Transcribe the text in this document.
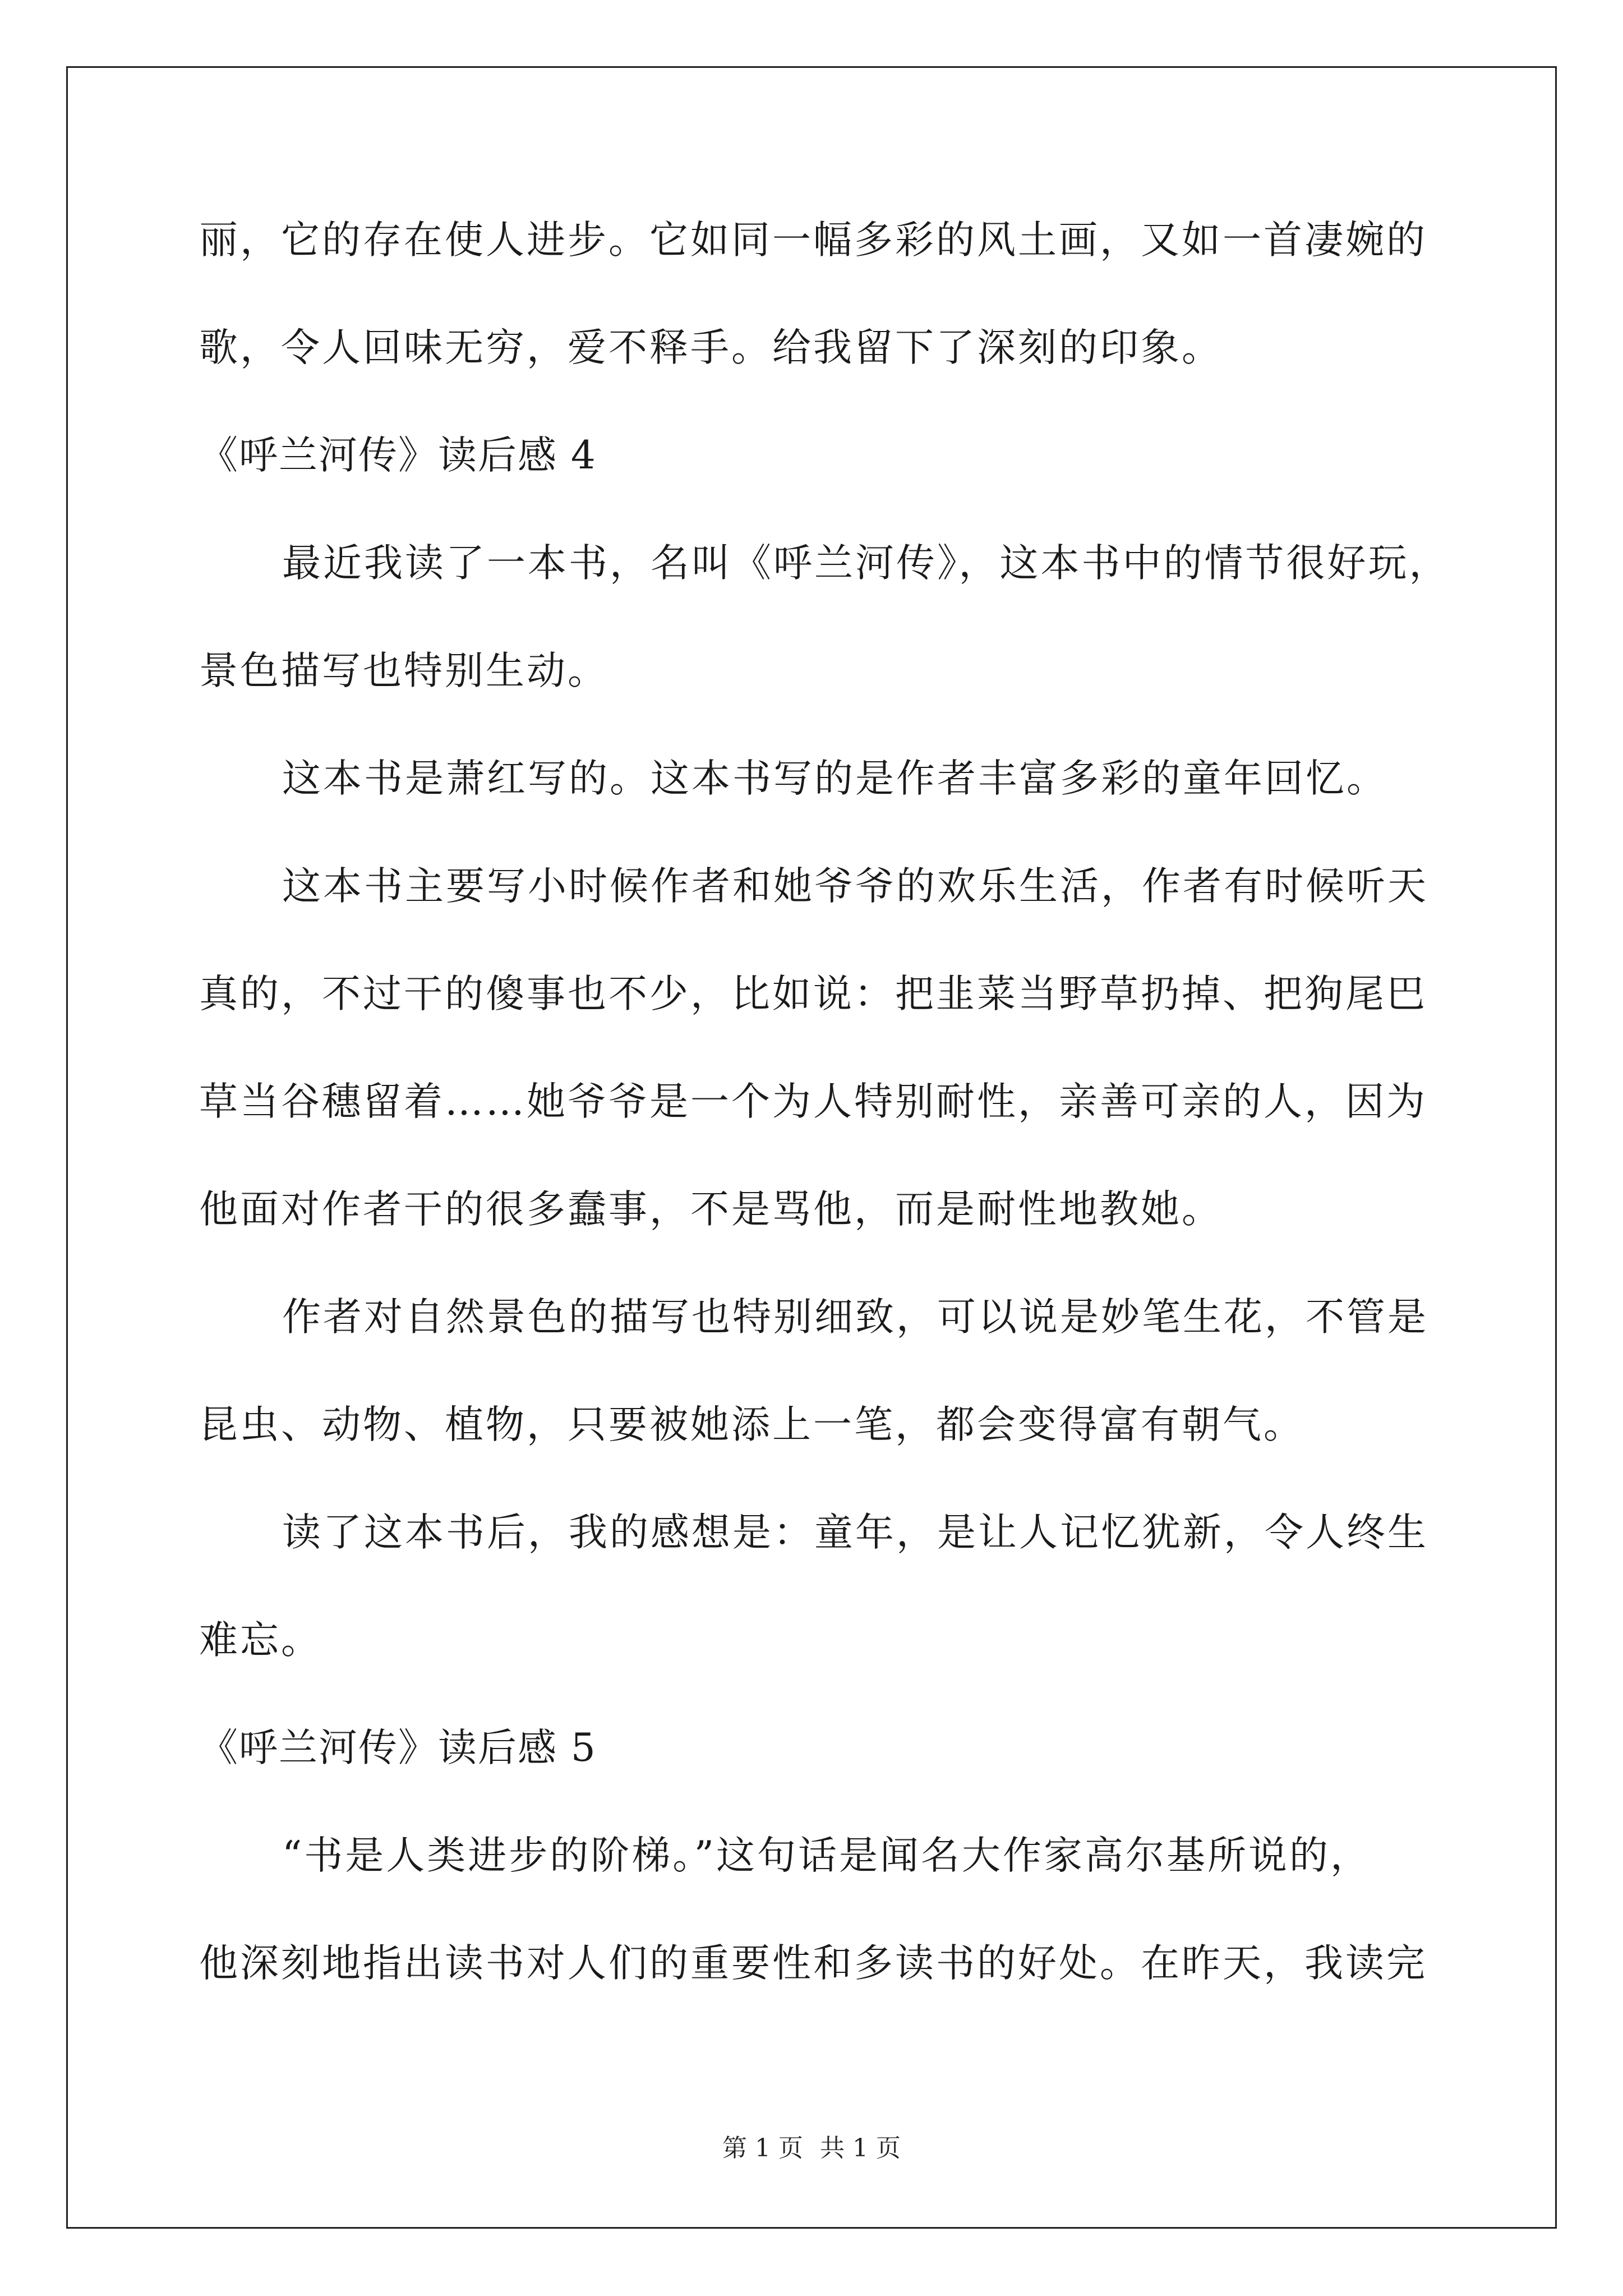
丽，它的存在使人进步。它如同一幅多彩的风土画，又如一首凄婉的
歌，令人回味无穷，爱不释手。给我留下了深刻的印象。
《呼兰河传》读后感 4
最近我读了一本书，名叫《呼兰河传》，这本书中的情节很好玩，
景色描写也特别生动。
这本书是萧红写的。这本书写的是作者丰富多彩的童年回忆。
这本书主要写小时候作者和她爷爷的欢乐生活，作者有时候听天
真的，不过干的傻事也不少，比如说：把韭菜当野草扔掉、把狗尾巴
草当谷穗留着……她爷爷是一个为人特别耐性，亲善可亲的人，因为
他面对作者干的很多蠢事，不是骂他，而是耐性地教她。
作者对自然景色的描写也特别细致，可以说是妙笔生花，不管是
昆虫、动物、植物，只要被她添上一笔，都会变得富有朝气。
读了这本书后，我的感想是：童年，是让人记忆犹新，令人终生
难忘。
《呼兰河传》读后感 5
“书是人类进步的阶梯。”这句话是闻名大作家高尔基所说的，
他深刻地指出读书对人们的重要性和多读书的好处。在昨天，我读完
第 1 页 共 1 页
